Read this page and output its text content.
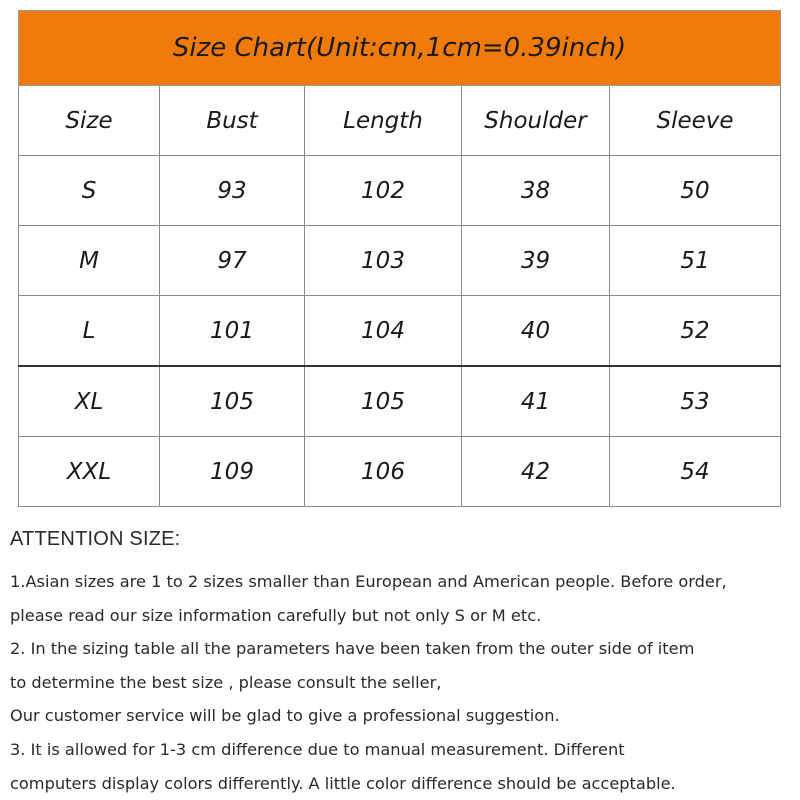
Size Chart(Unit:cm,1cm=0.39inch)				
Size	Bust	Length	Shoulder	Sleeve
S	93	102	38	50
M	97	103	39	51
L	101	104	40	52
XL	105	105	41	53
XXL	109	106	42	54
ATTENTION SIZE:
1.Asian sizes are 1 to 2 sizes smaller than European and American people. Before order,
please read our size information carefully but not only S or M etc.
2. In the sizing table all the parameters have been taken from the outer side of item
to determine the best size , please consult the seller,
Our customer service will be glad to give a professional suggestion.
3. It is allowed for 1-3 cm difference due to manual measurement. Different
computers display colors differently. A little color difference should be acceptable.
